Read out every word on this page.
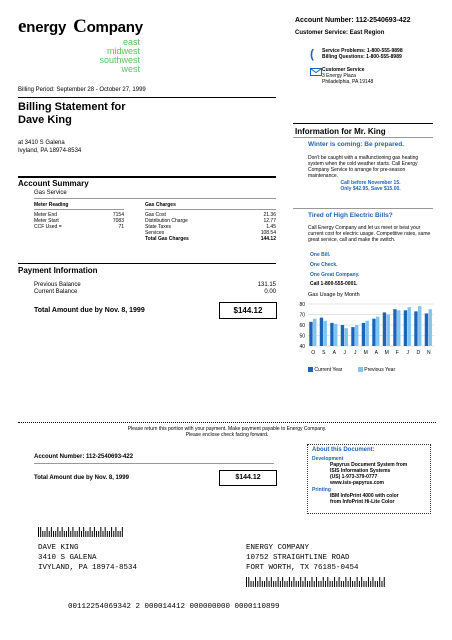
energy Company
east
midwest
southwest
west
Account Number: 112-2540693-422
Customer Service: East Region
( Service Problems: 1-800-555-9898
Billing Questions: 1-800-555-8989
Customer Service
3 Energy Plaza
Philadelphia, PA 19148
Billing Period: September 28 - October 27, 1999
Billing Statement for
Dave King
at 3410 S Galena
Ivyland, PA 18974-8534
Account Summary
Gas Service
Meter Reading	Gas Charges
Meter End	7154
Meter Start	7083
CCF Used =	71
Gas Cost	21.36
Distribution Charge	12.77
State Taxes	1.45
Services	108.54
Total Gas Charges	144.12
Payment Information
Previous Balance	131.15
Current Balance	0.00
Total Amount due by Nov. 8, 1999	$144.12
Information for Mr. King
Winter is coming: Be prepared.
Don't be caught with a malfunctioning gas heating system when the cold weather starts. Call Energy Company Service to arrange for pre-season maintenance.
Call before November 15.
Only $42.95, Save $15.00.
Tired of High Electric Bills?
Call Energy Company and let us meet or beat your current cost for electric usage. Competitive rates, same great service, call and make the switch.
One Bill.
One Check.
One Great Company.
Call 1-800-555-0001.
Gas Usage by Month
80
70
60
50
40
O S A J J M A M F J D N
Current Year	Previous Year
Please return this portion with your payment. Make payment payable to Energy Company.
Please enclose check facing forward.
Account Number: 112-2540693-422
Total Amount due by Nov. 8, 1999	$144.12
About this Document:
Development
Papyrus Document System from
ISIS Information Systems
(US) 1-973-379-0777
www.isis-papyrus.com
Printing
IBM InfoPrint 4000 with color
from InfoPrint Hi-Lite Color
DAVE KING
3410 S GALENA
IVYLAND, PA 18974-8534
ENERGY COMPANY
10752 STRAIGHTLINE ROAD
FORT WORTH, TX 76185-0454
00112254069342 2 000014412 000000000 0000110899
